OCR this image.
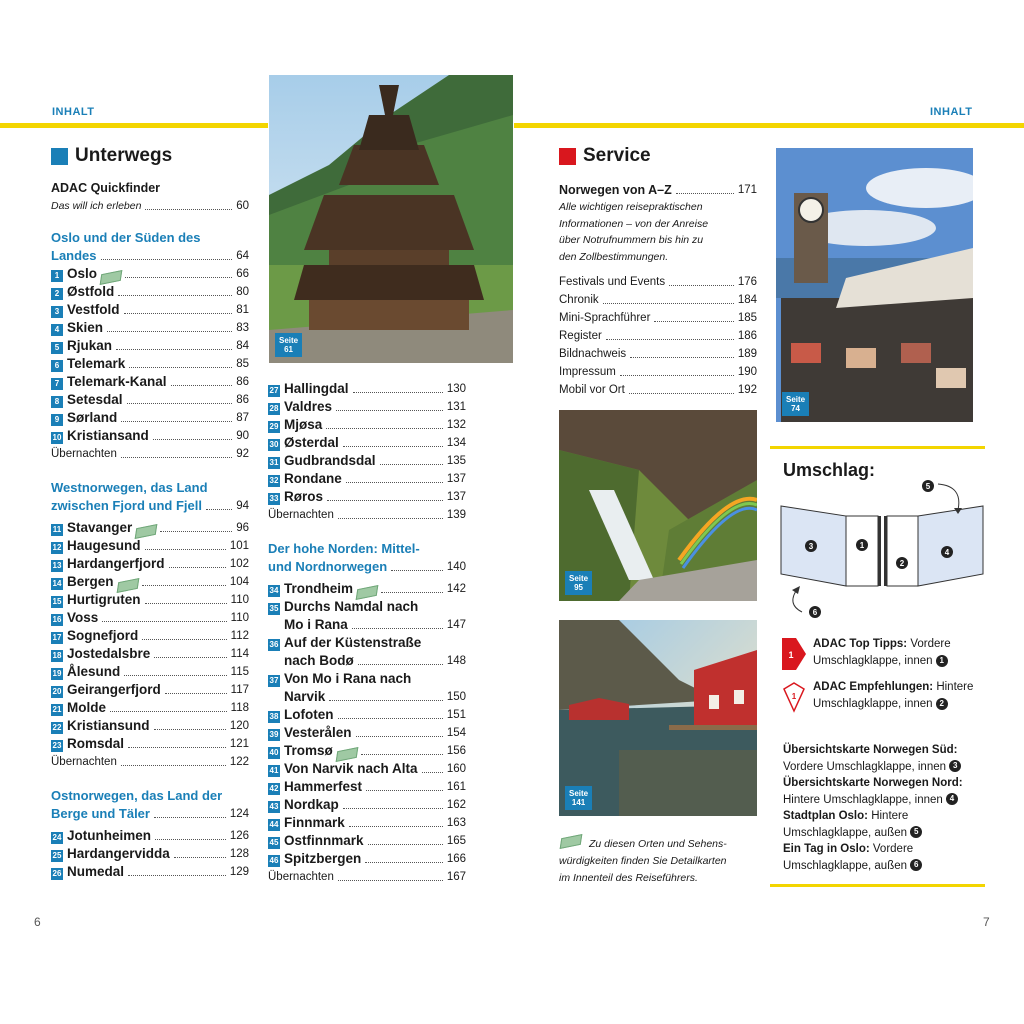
INHALT	INHALT
Unterwegs
ADAC Quickfinder
Das will ich erleben	60
Oslo und der Süden des
Landes	64
1 Oslo	66
2 Østfold	80
3 Vestfold	81
4 Skien	83
5 Rjukan	84
6 Telemark	85
7 Telemark-Kanal	86
8 Setesdal	86
9 Sørland	87
10 Kristiansand	90
Übernachten	92
Westnorwegen, das Land
zwischen Fjord und Fjell	94
11 Stavanger	96
12 Haugesund	101
13 Hardangerfjord	102
14 Bergen	104
15 Hurtigruten	110
16 Voss	110
17 Sognefjord	112
18 Jostedalsbre	114
19 Ålesund	115
20 Geirangerfjord	117
21 Molde	118
22 Kristiansund	120
23 Romsdal	121
Übernachten	122
Ostnorwegen, das Land der
Berge und Täler	124
24 Jotunheimen	126
25 Hardangervidda	128
26 Numedal	129
Seite
61
27 Hallingdal	130
28 Valdres	131
29 Mjøsa	132
30 Østerdal	134
31 Gudbrandsdal	135
32 Rondane	137
33 Røros	137
Übernachten	139
Der hohe Norden: Mittel-
und Nordnorwegen	140
34 Trondheim	142
35 Durchs Namdal nach
Mo i Rana	147
36 Auf der Küstenstraße
nach Bodø	148
37 Von Mo i Rana nach
Narvik	150
38 Lofoten	151
39 Vesterålen	154
40 Tromsø	156
41 Von Narvik nach Alta	160
42 Hammerfest	161
43 Nordkap	162
44 Finnmark	163
45 Ostfinnmark	165
46 Spitzbergen	166
Übernachten	167
Service
Norwegen von A–Z	171
Alle wichtigen reisepraktischen
Informationen – von der Anreise
über Notrufnummern bis hin zu
den Zollbestimmungen.
Festivals und Events	176
Chronik	184
Mini-Sprachführer	185
Register	186
Bildnachweis	189
Impressum	190
Mobil vor Ort	192
Seite
95
Seite
141
Zu diesen Orten und Sehens-
würdigkeiten finden Sie Detailkarten
im Innenteil des Reiseführers.
Seite
74
Umschlag:
1
2
3
4
5
6
1
ADAC Top Tipps: Vordere
Umschlagklappe, innen 1
1
ADAC Empfehlungen: Hintere
Umschlagklappe, innen 2
Übersichtskarte Norwegen Süd:
Vordere Umschlagklappe, innen 3
Übersichtskarte Norwegen Nord:
Hintere Umschlagklappe, innen 4
Stadtplan Oslo: Hintere
Umschlagklappe, außen 5
Ein Tag in Oslo: Vordere
Umschlagklappe, außen 6
6	7
